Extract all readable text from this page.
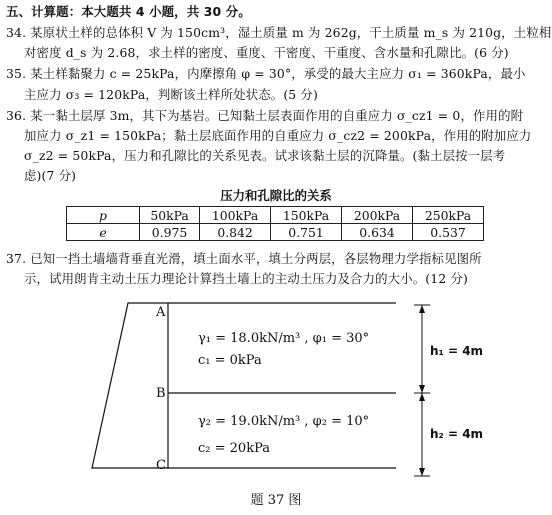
五、计算题：本大题共 4 小题，共 30 分。
34. 某原状土样的总体积 V 为 150cm³，湿土质量 m 为 262g，干土质量 m_s 为 210g，土粒相
对密度 d_s 为 2.68，求土样的密度、重度、干密度、干重度、含水量和孔隙比。(6 分)
35. 某土样黏聚力 c = 25kPa，内摩擦角 φ = 30°，承受的最大主应力 σ₁ = 360kPa，最小
主应力 σ₃ = 120kPa，判断该土样所处状态。(5 分)
36. 某一黏土层厚 3m，其下为基岩。已知黏土层表面作用的自重应力 σ_cz1 = 0，作用的附
加应力 σ_z1 = 150kPa；黏土层底面作用的自重应力 σ_cz2 = 200kPa，作用的附加应力
σ_z2 = 50kPa，压力和孔隙比的关系见表。试求该黏土层的沉降量。(黏土层按一层考
虑)(7 分)
压力和孔隙比的关系
p	50kPa	100kPa	150kPa	200kPa	250kPa
e	0.975	0.842	0.751	0.634	0.537
37. 已知一挡土墙墙背垂直光滑，填土面水平，填土分两层，各层物理力学指标见图所
示，试用朗肯主动土压力理论计算挡土墙上的主动土压力及合力的大小。(12 分)
A
B
C
γ₁ = 18.0kN/m³ , φ₁ = 30°
c₁ = 0kPa
γ₂ = 19.0kN/m³ , φ₂ = 10°
c₂ = 20kPa
h₁ = 4m
h₂ = 4m
题 37 图
